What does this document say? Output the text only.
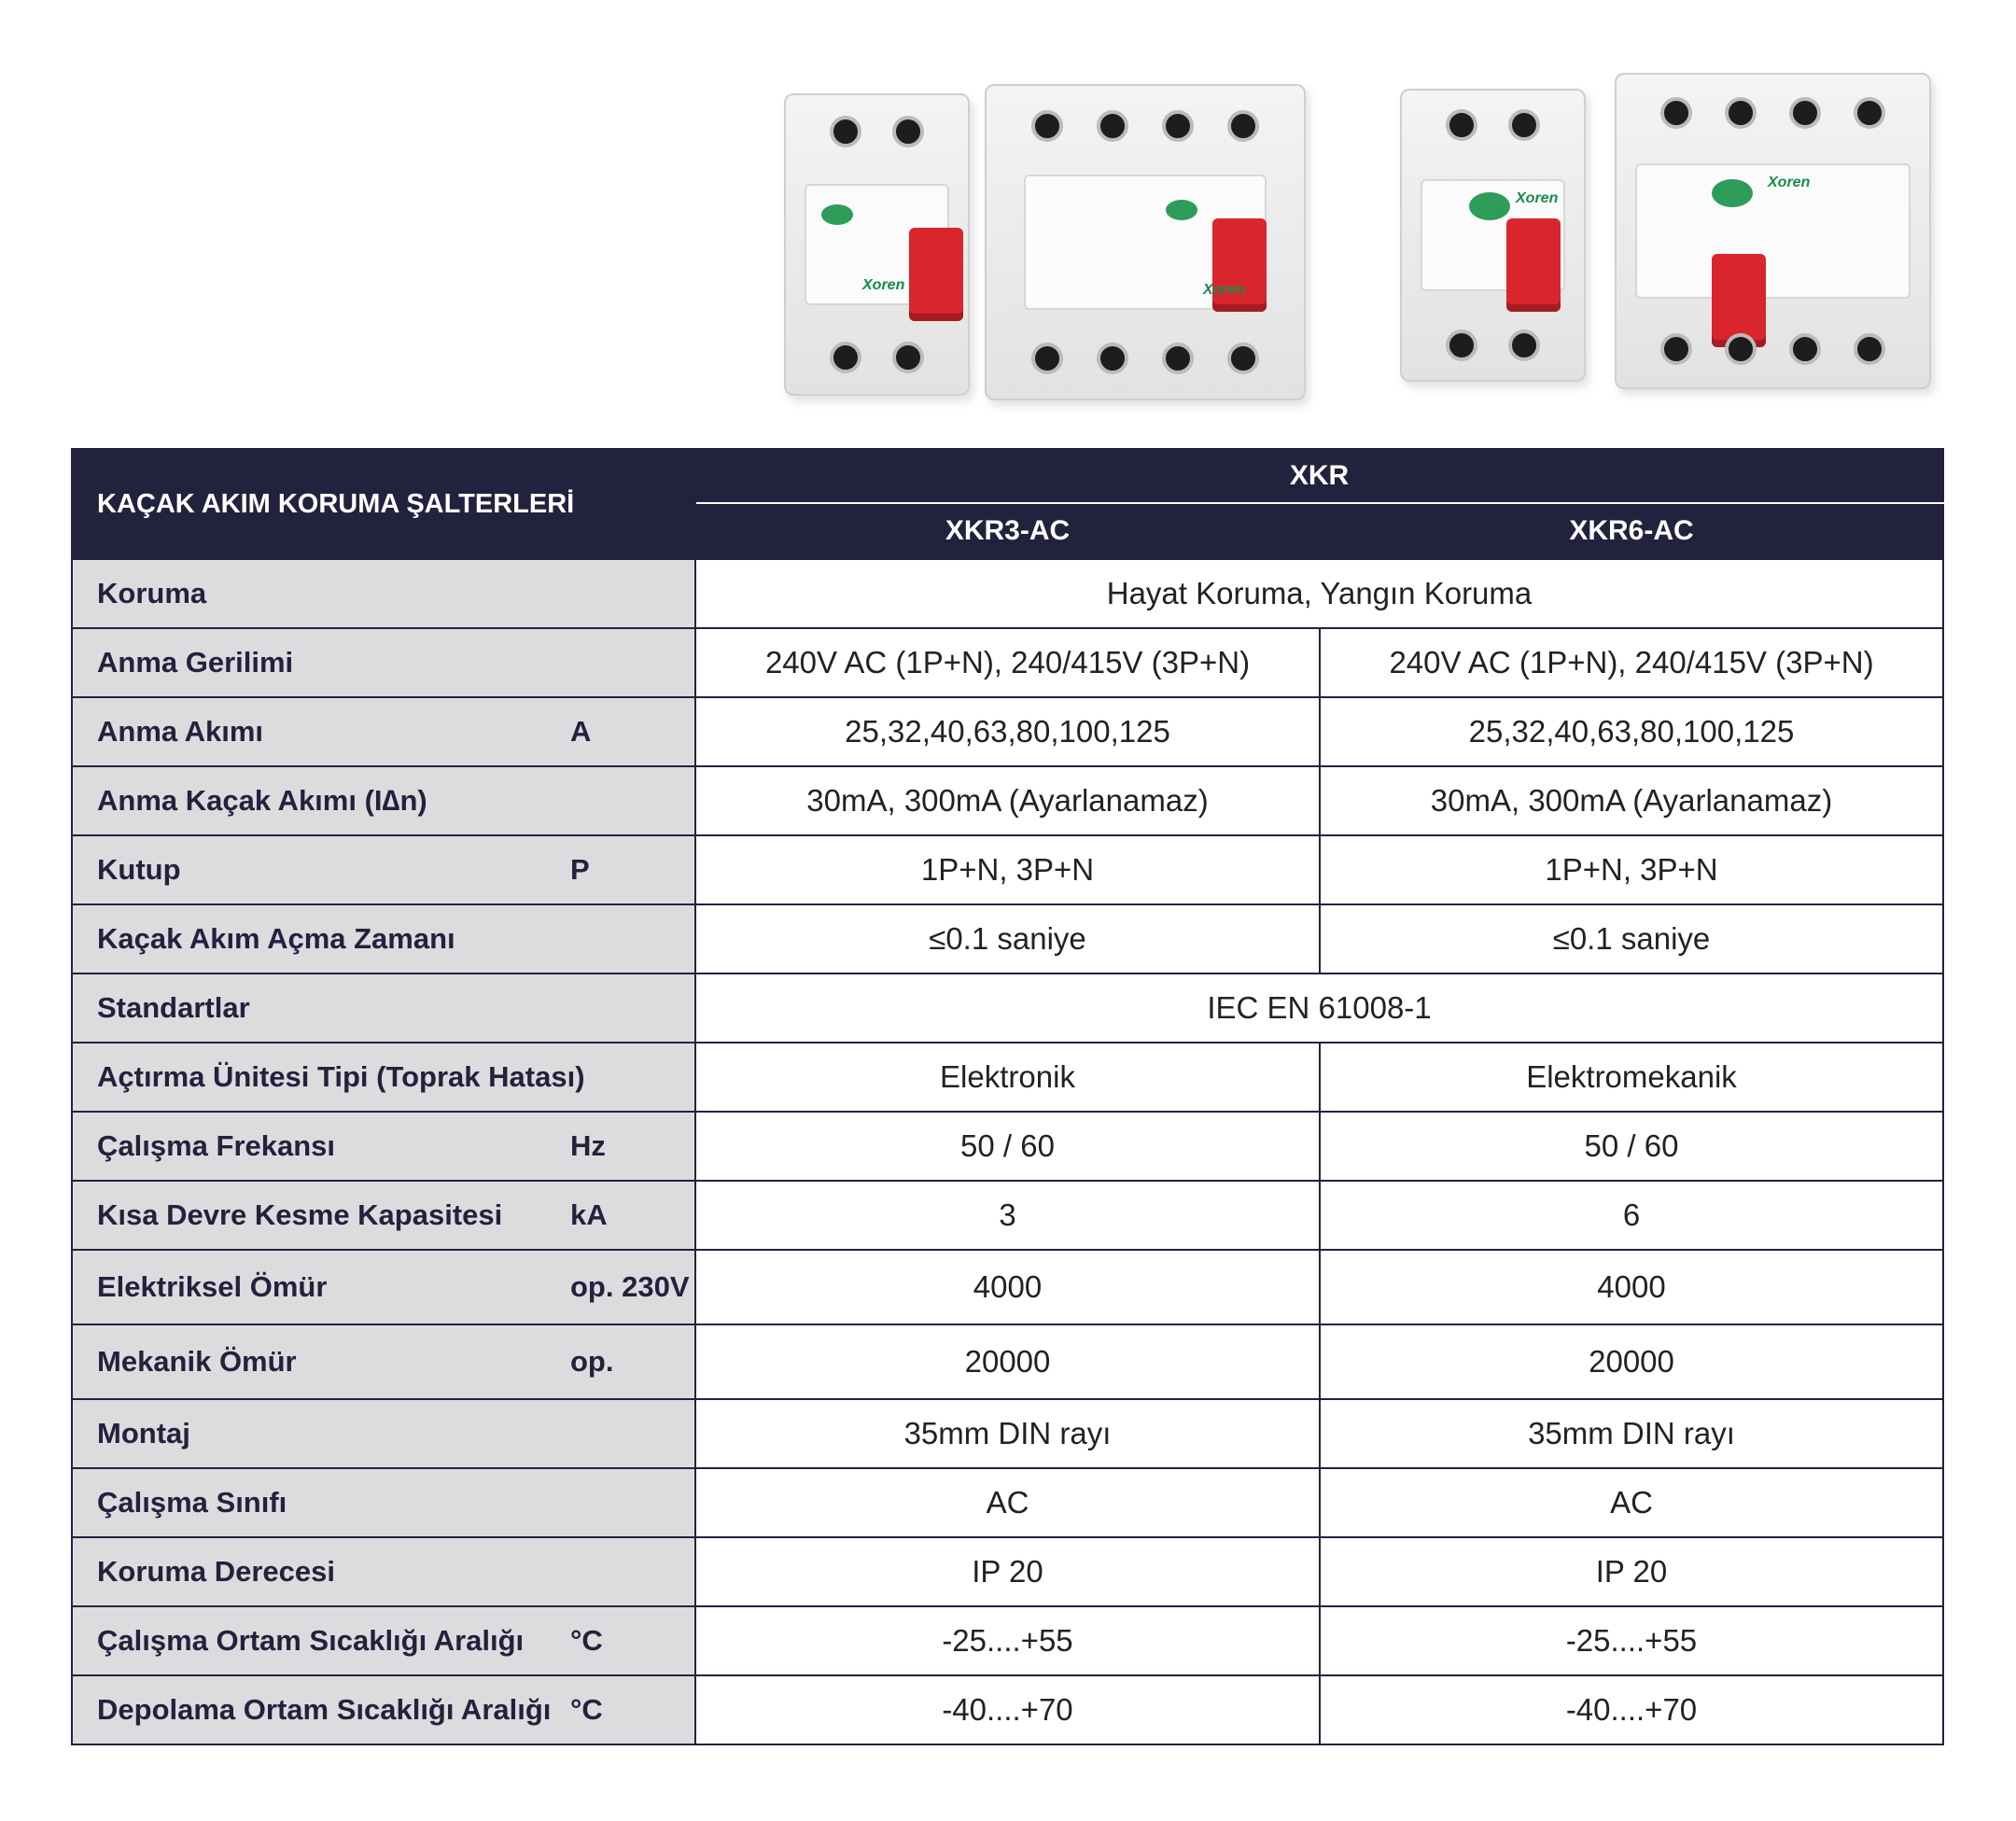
Xoren	Xoren
Xoren
Xoren
KAÇAK AKIM KORUMA ŞALTERLERİ	XKR	
	XKR3-AC	XKR6-AC

Koruma	Hayat Koruma, Yangın Koruma	

Anma Gerilimi	240V AC (1P+N), 240/415V (3P+N)	240V AC (1P+N), 240/415V (3P+N)

Anma Akımı A	25,32,40,63,80,100,125	25,32,40,63,80,100,125

Anma Kaçak Akımı (I∆n)	30mA, 300mA (Ayarlanamaz)	30mA, 300mA (Ayarlanamaz)

Kutup P	1P+N, 3P+N	1P+N, 3P+N

Kaçak Akım Açma Zamanı	≤0.1 saniye	≤0.1 saniye

Standartlar	IEC EN 61008-1	

Açtırma Ünitesi Tipi (Toprak Hatası)	Elektronik	Elektromekanik

Çalışma Frekansı Hz	50 / 60	50 / 60

Kısa Devre Kesme Kapasitesi kA	3	6

Elektriksel Ömür op. 230V	4000	4000

Mekanik Ömür op.	20000	20000

Montaj	35mm DIN rayı	35mm DIN rayı

Çalışma Sınıfı	AC	AC

Koruma Derecesi	IP 20	IP 20

Çalışma Ortam Sıcaklığı Aralığı °C	-25....+55	-25....+55

Depolama Ortam Sıcaklığı Aralığı °C	-40....+70	-40....+70
